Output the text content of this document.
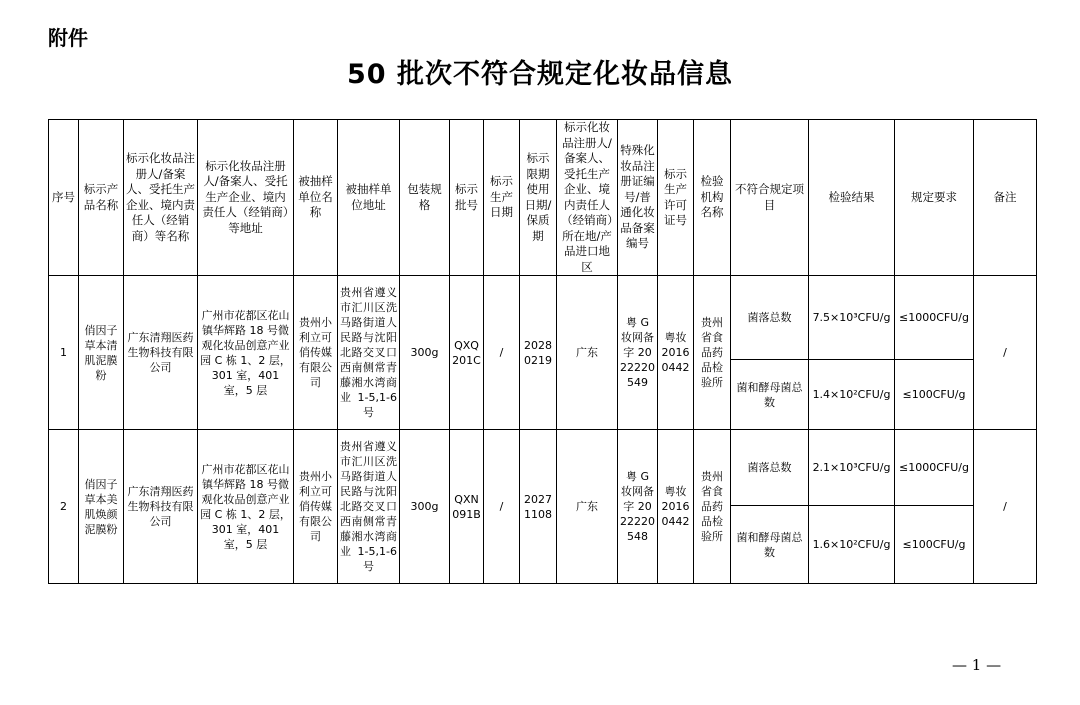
附件
50 批次不符合规定化妆品信息
序号	标示产品名称	标示化妆品注册人/备案人、受托生产企业、境内责任人（经销商）等名称	标示化妆品注册人/备案人、受托生产企业、境内责任人（经销商）等地址	被抽样单位名称	被抽样单位地址	包装规格	标示批号	标示生产日期	标示限期使用日期/保质期	标示化妆品注册人/备案人、受托生产企业、境内责任人（经销商）所在地/产品进口地区	特殊化妆品注册证编号/普通化妆品备案编号	标示生产许可证号	检验机构名称	不符合规定项目	检验结果	规定要求	备注
1	俏因子草本清肌泥膜粉	广东清翔医药生物科技有限公司	广州市花都区花山镇华辉路 18 号微观化妆品创意产业园 C 栋 1、2 层，301 室，401 室，5 层	贵州小利立可俏传媒有限公司	贵州省遵义市汇川区洗马路街道人民路与沈阳北路交叉口西南侧常青藤湘水湾商业 1-5,1-6 号	300g	QXQ201C	/	20280219	广东	粤 G 妆网备字 2022220549	粤妆 20160442	贵州省食品药品检验所	菌落总数	7.5×10³CFU/g	≤1000CFU/g	/
														菌和酵母菌总数	1.4×10²CFU/g	≤100CFU/g	
2	俏因子草本美肌焕颜泥膜粉	广东清翔医药生物科技有限公司	广州市花都区花山镇华辉路 18 号微观化妆品创意产业园 C 栋 1、2 层，301 室，401 室，5 层	贵州小利立可俏传媒有限公司	贵州省遵义市汇川区洗马路街道人民路与沈阳北路交叉口西南侧常青藤湘水湾商业 1-5,1-6 号	300g	QXN091B	/	20271108	广东	粤 G 妆网备字 2022220548	粤妆 20160442	贵州省食品药品检验所	菌落总数	2.1×10³CFU/g	≤1000CFU/g	/
														菌和酵母菌总数	1.6×10²CFU/g	≤100CFU/g	
— 1 —
